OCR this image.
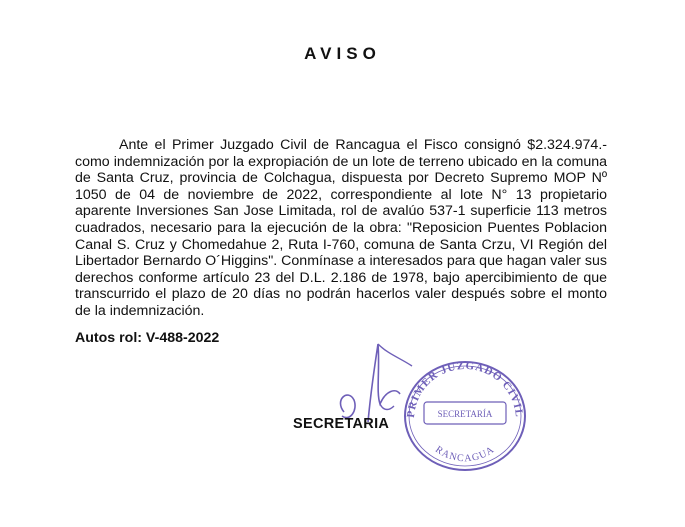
AVISO

Ante el Primer Juzgado Civil de Rancagua el Fisco consignó $2.324.974.- como indemnización por la expropiación de un lote de terreno ubicado en la comuna de Santa Cruz, provincia de Colchagua, dispuesta por Decreto Supremo MOP Nº 1050 de 04 de noviembre de 2022, correspondiente al lote N° 13 propietario aparente Inversiones San Jose Limitada, rol de avalúo 537-1 superficie 113 metros cuadrados, necesario para la ejecución de la obra: "Reposicion Puentes Poblacion Canal S. Cruz y Chomedahue 2, Ruta I-760, comuna de Santa Crzu, VI Región del Libertador Bernardo O´Higgins". Conmínase a interesados para que hagan valer sus derechos conforme artículo 23 del D.L. 2.186 de 1978, bajo apercibimiento de que transcurrido el plazo de 20 días no podrán hacerlos valer después sobre el monto de la indemnización.

Autos rol: V-488-2022
SECRETARIA
PRIMER JUZGADO CIVIL
SECRETARÍA
RANCAGUA
